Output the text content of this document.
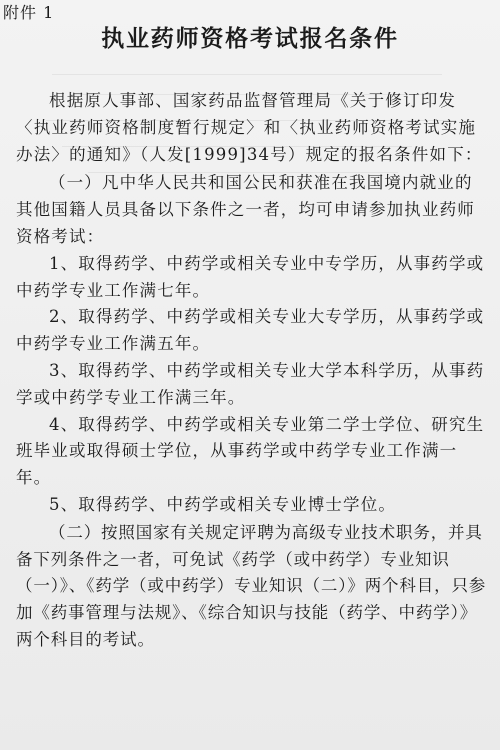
附件 1
执业药师资格考试报名条件

根据原人事部、国家药品监督管理局《关于修订印发〈执业药师资格制度暂行规定〉和〈执业药师资格考试实施办法〉的通知》（人发[1999]34号）规定的报名条件如下：

（一）凡中华人民共和国公民和获准在我国境内就业的其他国籍人员具备以下条件之一者，均可申请参加执业药师资格考试：

1、取得药学、中药学或相关专业中专学历，从事药学或中药学专业工作满七年。

2、取得药学、中药学或相关专业大专学历，从事药学或中药学专业工作满五年。

3、取得药学、中药学或相关专业大学本科学历，从事药学或中药学专业工作满三年。

4、取得药学、中药学或相关专业第二学士学位、研究生班毕业或取得硕士学位，从事药学或中药学专业工作满一年。

5、取得药学、中药学或相关专业博士学位。

（二）按照国家有关规定评聘为高级专业技术职务，并具备下列条件之一者，可免试《药学（或中药学）专业知识（一）》、《药学（或中药学）专业知识（二）》两个科目，只参加《药事管理与法规》、《综合知识与技能（药学、中药学）》两个科目的考试。
